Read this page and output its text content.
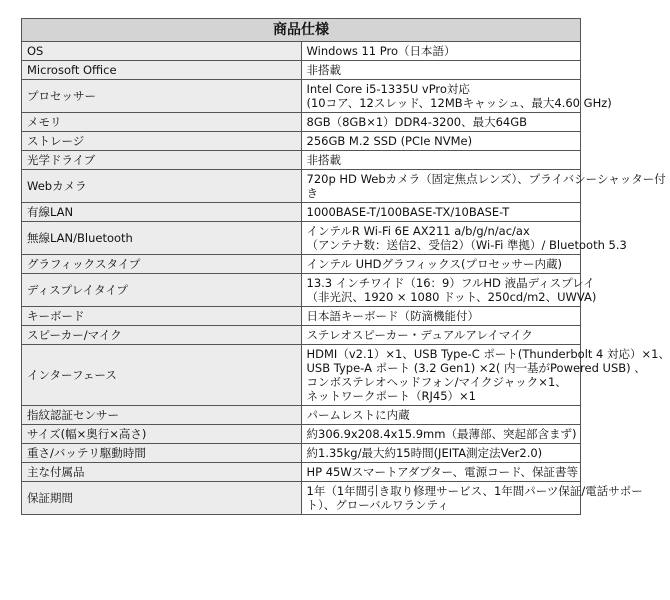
商品仕様	
OS	Windows 11 Pro（日本語）

Microsoft Office	非搭載

プロセッサー	Intel Core i5-1335U vPro対応
(10コア、12スレッド、12MBキャッシュ、最大4.60 GHz)

メモリ	8GB（8GB×1）DDR4-3200、最大64GB

ストレージ	256GB M.2 SSD (PCIe NVMe)

光学ドライブ	非搭載

Webカメラ	720p HD Webカメラ（固定焦点レンズ）、プライバシーシャッター付
き

有線LAN	1000BASE-T/100BASE-TX/10BASE-T

無線LAN/Bluetooth	インテルR Wi-Fi 6E AX211 a/b/g/n/ac/ax
（アンテナ数：送信2、受信2）（Wi-Fi 準拠）/ Bluetooth 5.3

グラフィックスタイプ	インテル UHDグラフィックス(プロセッサー内蔵)

ディスプレイタイプ	13.3 インチワイド（16：9）フルHD 液晶ディスプレイ
（非光沢、1920 × 1080 ドット、250cd/m2、UWVA)

キーボード	日本語キーボード（防滴機能付）

スピーカー/マイク	ステレオスピーカー・デュアルアレイマイク

インターフェース	HDMI（v2.1）×1、USB Type-C ポート(Thunderbolt 4 対応）×1、
USB Type-A ポート (3.2 Gen1) ×2( 内一基がPowered USB) 、
コンボステレオヘッドフォン/マイクジャック×1、
ネットワークポート（RJ45）×1

指紋認証センサー	パームレストに内蔵

サイズ(幅×奥行×高さ)	約306.9x208.4x15.9mm（最薄部、突起部含まず)

重さ/バッテリ駆動時間	約1.35kg/最大約15時間(JEITA測定法Ver2.0)

主な付属品	HP 45Wスマートアダプター、電源コード、保証書等

保証期間	1年（1年間引き取り修理サービス、1年間パーツ保証/電話サポー
ト）、グローバルワランティ
